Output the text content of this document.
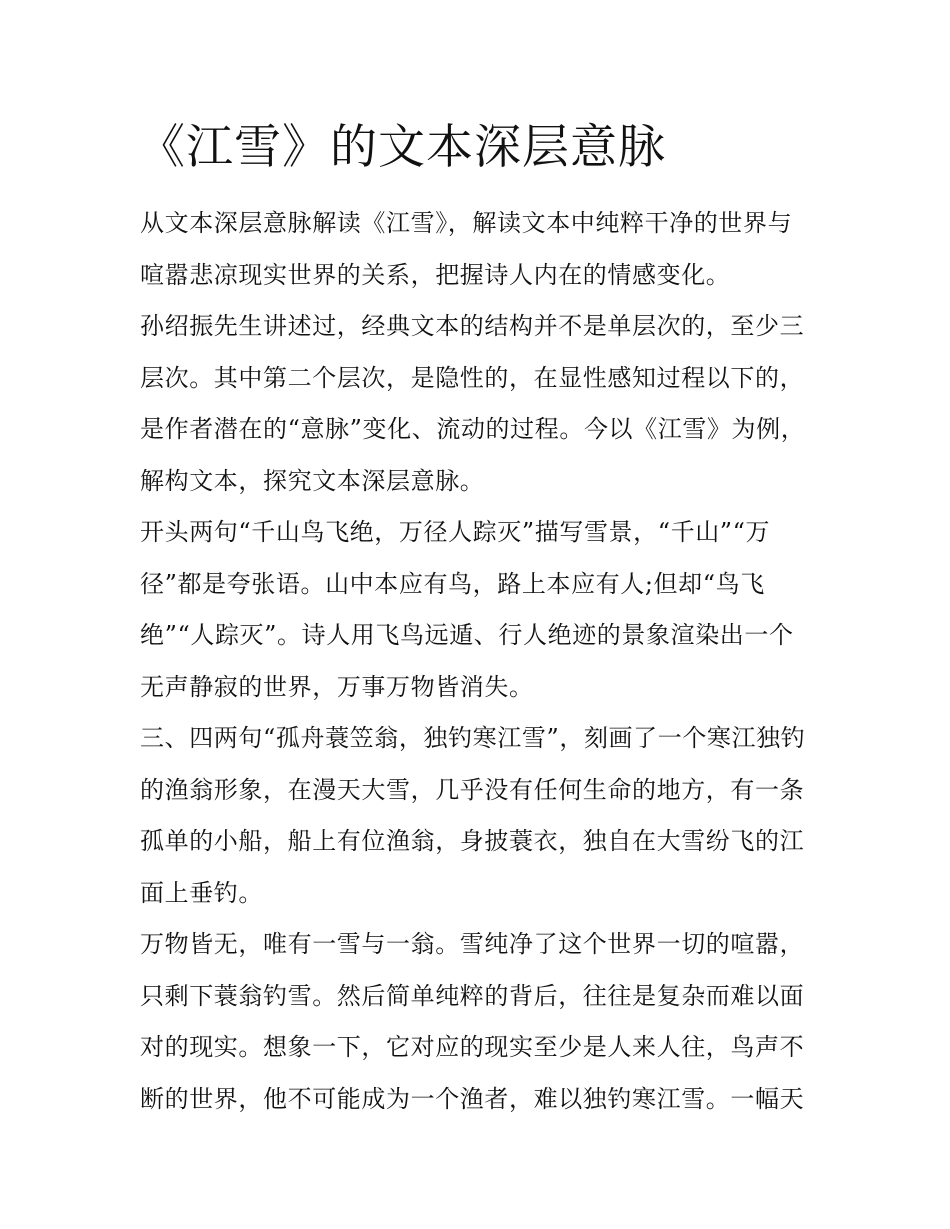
《江雪》的文本深层意脉
从文本深层意脉解读《江雪》，解读文本中纯粹干净的世界与
喧嚣悲凉现实世界的关系，把握诗人内在的情感变化。
孙绍振先生讲述过，经典文本的结构并不是单层次的，至少三
层次。其中第二个层次，是隐性的，在显性感知过程以下的，
是作者潜在的“意脉”变化、流动的过程。今以《江雪》为例，
解构文本，探究文本深层意脉。
开头两句“千山鸟飞绝，万径人踪灭”描写雪景，“千山”“万
径”都是夸张语。山中本应有鸟，路上本应有人;但却“鸟飞
绝”“人踪灭”。诗人用飞鸟远遁、行人绝迹的景象渲染出一个
无声静寂的世界，万事万物皆消失。
三、四两句“孤舟蓑笠翁，独钓寒江雪”，刻画了一个寒江独钓
的渔翁形象，在漫天大雪，几乎没有任何生命的地方，有一条
孤单的小船，船上有位渔翁，身披蓑衣，独自在大雪纷飞的江
面上垂钓。
万物皆无，唯有一雪与一翁。雪纯净了这个世界一切的喧嚣，
只剩下蓑翁钓雪。然后简单纯粹的背后，往往是复杂而难以面
对的现实。想象一下，它对应的现实至少是人来人往，鸟声不
断的世界，他不可能成为一个渔者，难以独钓寒江雪。一幅天
